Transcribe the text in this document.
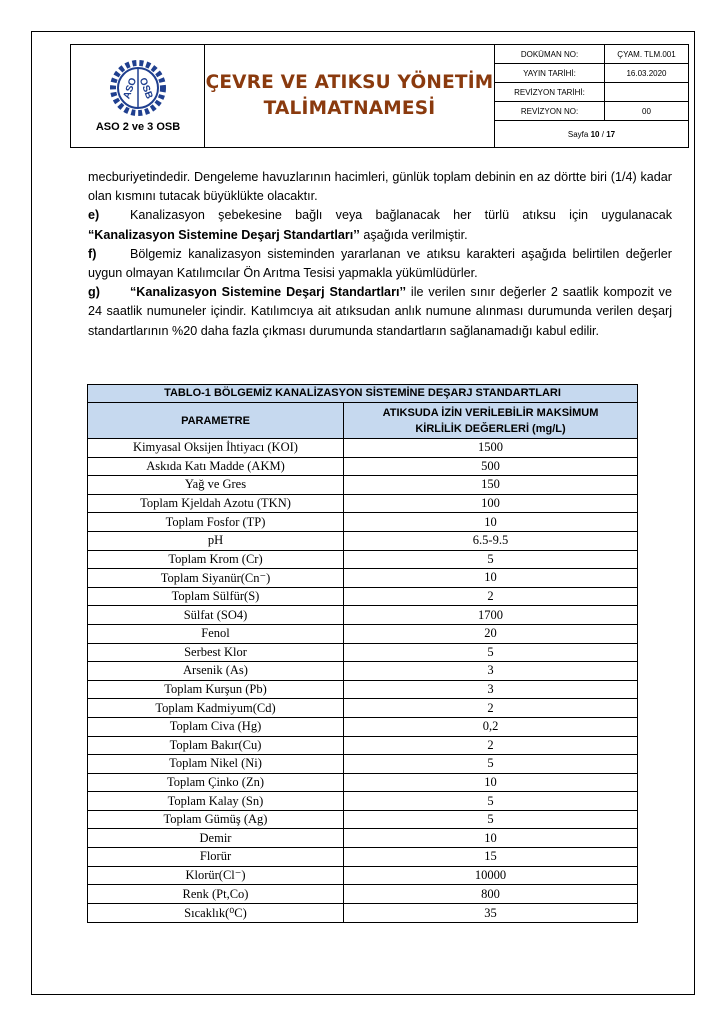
ASO
OSB
ASO 2 ve 3 OSB
ÇEVRE VE ATIKSU YÖNETİM
TALİMATNAMESİ
DOKÜMAN NO:	ÇYAM. TLM.001
YAYIN TARİHİ:	16.03.2020
REVİZYON TARİHİ:
REVİZYON NO:	00
Sayfa
10
/
17

mecburiyetindedir. Dengeleme havuzlarının hacimleri, günlük toplam debinin en az dörtte biri (1/4) kadar olan kısmını tutacak büyüklükte olacaktır.

e) Kanalizasyon şebekesine bağlı veya bağlanacak her türlü atıksu için uygulanacak “Kanalizasyon Sistemine Deşarj Standartları’’ aşağıda verilmiştir.

f)	Bölgemiz kanalizasyon sisteminden yararlanan ve atıksu karakteri aşağıda belirtilen değerler uygun olmayan Katılımcılar Ön Arıtma Tesisi yapmakla yükümlüdürler.

g) “Kanalizasyon Sistemine Deşarj Standartları’’ ile verilen sınır değerler 2 saatlik kompozit ve 24 saatlik numuneler içindir. Katılımcıya ait atıksudan anlık numune alınması durumunda verilen deşarj standartlarının %20 daha fazla çıkması durumunda standartların sağlanamadığı kabul edilir.

TABLO-1 BÖLGEMİZ KANALİZASYON SİSTEMİNE DEŞARJ STANDARTLARI
PARAMETRE
ATIKSUDA İZİN VERİLEBİLİR MAKSİMUM
KİRLİLİK DEĞERLERİ (mg/L)
Kimyasal Oksijen İhtiyacı (KOI)	1500
Askıda Katı Madde (AKM)	500
Yağ ve Gres	150
Toplam Kjeldah Azotu (TKN)	100
Toplam Fosfor (TP)	10
pH	6.5-9.5
Toplam Krom (Cr)	5
Toplam Siyanür(Cn⁻)	10
Toplam Sülfür(S)	2
Sülfat (SO4)	1700
Fenol	20
Serbest Klor	5
Arsenik (As)	3
Toplam Kurşun (Pb)	3
Toplam Kadmiyum(Cd)	2
Toplam Civa (Hg)	0,2
Toplam Bakır(Cu)	2
Toplam Nikel (Ni)	5
Toplam Çinko (Zn)	10
Toplam Kalay (Sn)	5
Toplam Gümüş (Ag)	5
Demir	10
Florür	15
Klorür(Cl⁻)	10000
Renk (Pt,Co)	800
Sıcaklık(⁰C)	35
